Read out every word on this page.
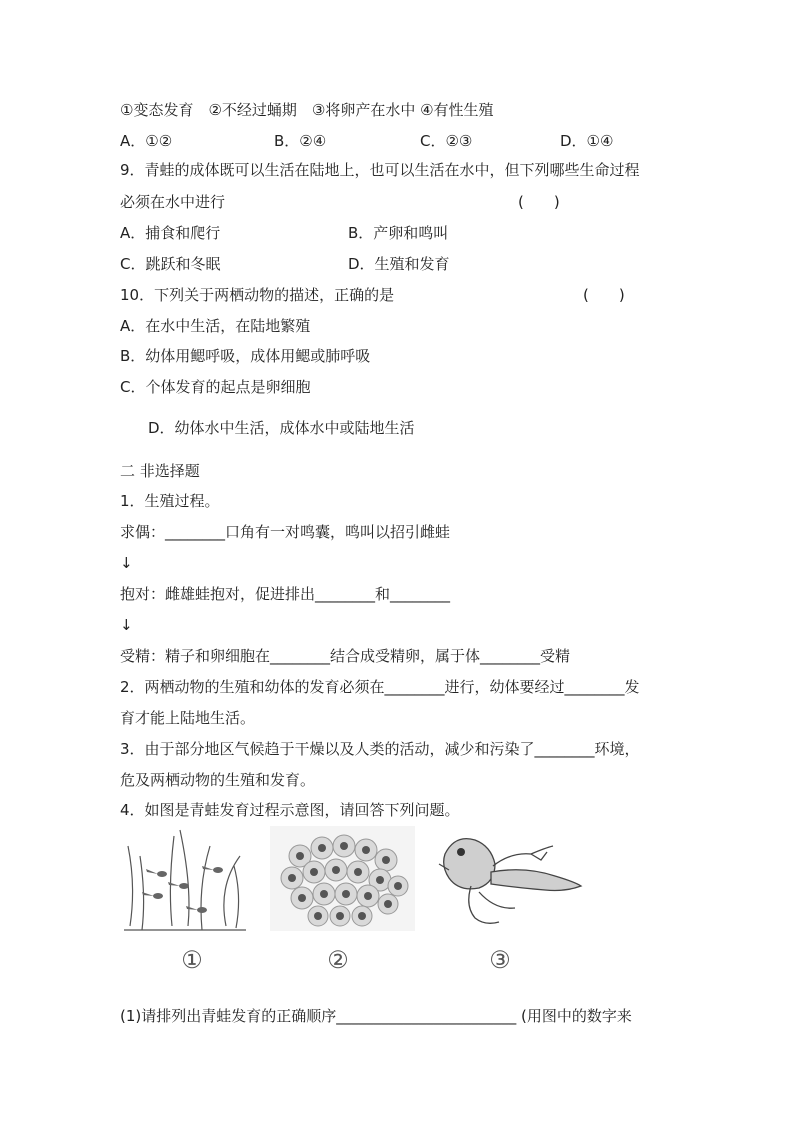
①变态发育　②不经过蛹期　③将卵产在水中 ④有性生殖
A．①②	B．②④	C．②③	D．①④
9．青蛙的成体既可以生活在陆地上，也可以生活在水中，但下列哪些生命过程
必须在水中进行	(　　)
A．捕食和爬行	B．产卵和鸣叫
C．跳跃和冬眠	D．生殖和发育
10．下列关于两栖动物的描述，正确的是	(　　)
A．在水中生活，在陆地繁殖
B．幼体用鳃呼吸，成体用鳃或肺呼吸
C．个体发育的起点是卵细胞
D．幼体水中生活，成体水中或陆地生活
二 非选择题
1．生殖过程。
求偶：________口角有一对鸣囊，鸣叫以招引雌蛙
↓
抱对：雌雄蛙抱对，促进排出________和________
↓
受精：精子和卵细胞在________结合成受精卵，属于体________受精
2．两栖动物的生殖和幼体的发育必须在________进行，幼体要经过________发
育才能上陆地生活。
3．由于部分地区气候趋于干燥以及人类的活动，减少和污染了________环境，
危及两栖动物的生殖和发育。
4．如图是青蛙发育过程示意图，请回答下列问题。
①	②	③
(1)请排列出青蛙发育的正确顺序________________________ (用图中的数字来
